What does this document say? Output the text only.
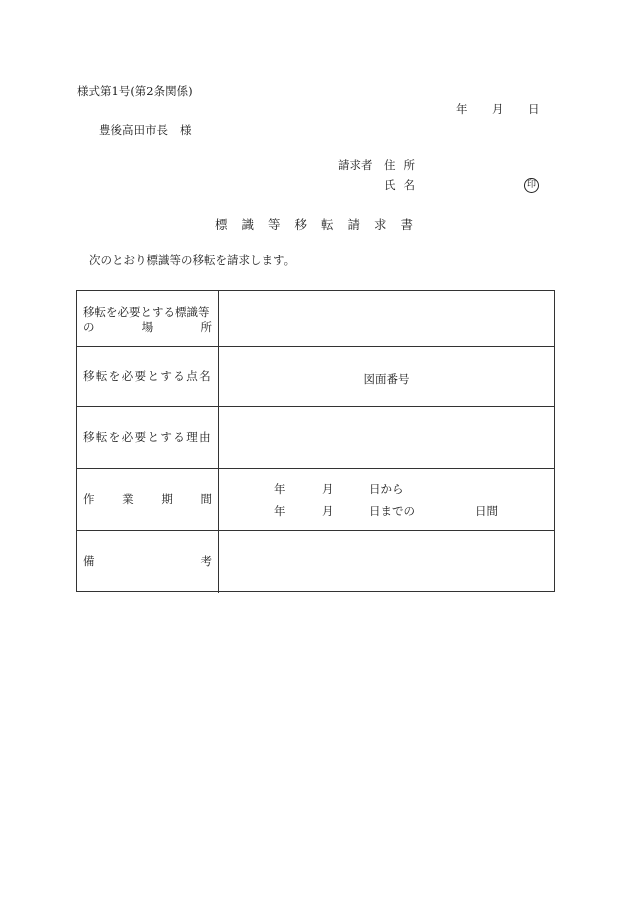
様式第1号(第2条関係)
年 月 日
豊後高田市長 様
請求者 住所
氏名	印
標識等移転請求書
次のとおり標識等の移転を請求します。
移転を必要とする標識等
の	場	所
移転を必要とする点名	図面番号
移転を必要とする理由
作 業 期 間
年	月	日から
年	月	日までの	日間
備	考
